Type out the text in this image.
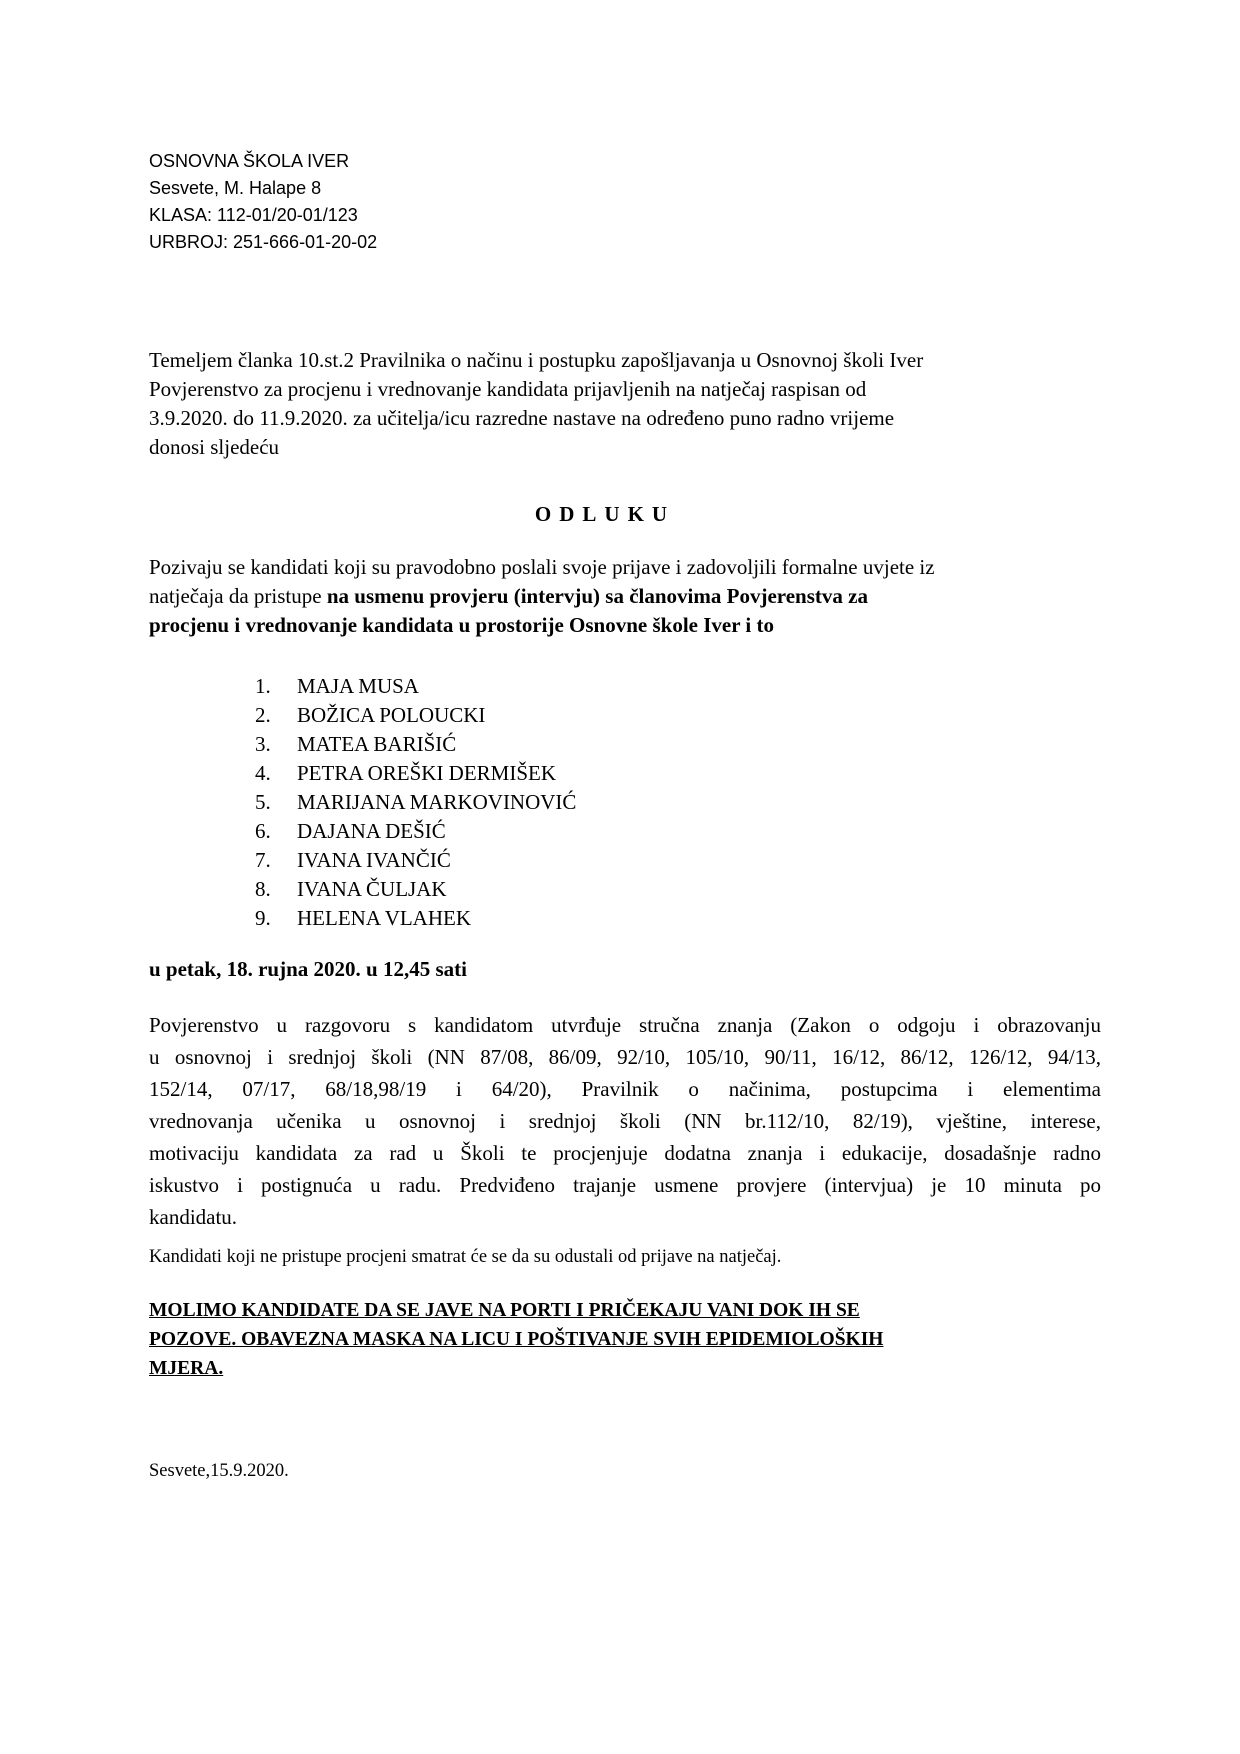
OSNOVNA ŠKOLA IVER
Sesvete, M. Halape 8
KLASA: 112-01/20-01/123
URBROJ: 251-666-01-20-02
Temeljem članka 10.st.2 Pravilnika o načinu i postupku zapošljavanja u Osnovnoj školi Iver
Povjerenstvo za procjenu i vrednovanje kandidata prijavljenih na natječaj raspisan od
3.9.2020. do 11.9.2020. za učitelja/icu razredne nastave na određeno puno radno vrijeme
donosi sljedeću
ODLUKU
Pozivaju se kandidati koji su pravodobno poslali svoje prijave i zadovoljili formalne uvjete iz
natječaja da pristupe na usmenu provjeru (intervju) sa članovima Povjerenstva za
procjenu i vrednovanje kandidata u prostorije Osnovne škole Iver i to
1. MAJA MUSA
2. BOŽICA POLOUCKI
3. MATEA BARIŠIĆ
4. PETRA OREŠKI DERMIŠEK
5. MARIJANA MARKOVINOVIĆ
6. DAJANA DEŠIĆ
7. IVANA IVANČIĆ
8. IVANA ČULJAK
9. HELENA VLAHEK
u petak, 18. rujna 2020. u 12,45 sati
Povjerenstvo u razgovoru s kandidatom utvrđuje stručna znanja (Zakon o odgoju i obrazovanju
u osnovnoj i srednjoj školi (NN 87/08, 86/09, 92/10, 105/10, 90/11, 16/12, 86/12, 126/12, 94/13,
152/14, 07/17, 68/18,98/19 i 64/20), Pravilnik o načinima, postupcima i elementima
vrednovanja učenika u osnovnoj i srednjoj školi (NN br.112/10, 82/19), vještine, interese,
motivaciju kandidata za rad u Školi te procjenjuje dodatna znanja i edukacije, dosadašnje radno
iskustvo i postignuća u radu. Predviđeno trajanje usmene provjere (intervjua) je 10 minuta po
kandidatu.
Kandidati koji ne pristupe procjeni smatrat će se da su odustali od prijave na natječaj.
MOLIMO KANDIDATE DA SE JAVE NA PORTI I PRIČEKAJU VANI DOK IH SE
POZOVE. OBAVEZNA MASKA NA LICU I POŠTIVANJE SVIH EPIDEMIOLOŠKIH
MJERA.
Sesvete,15.9.2020.
